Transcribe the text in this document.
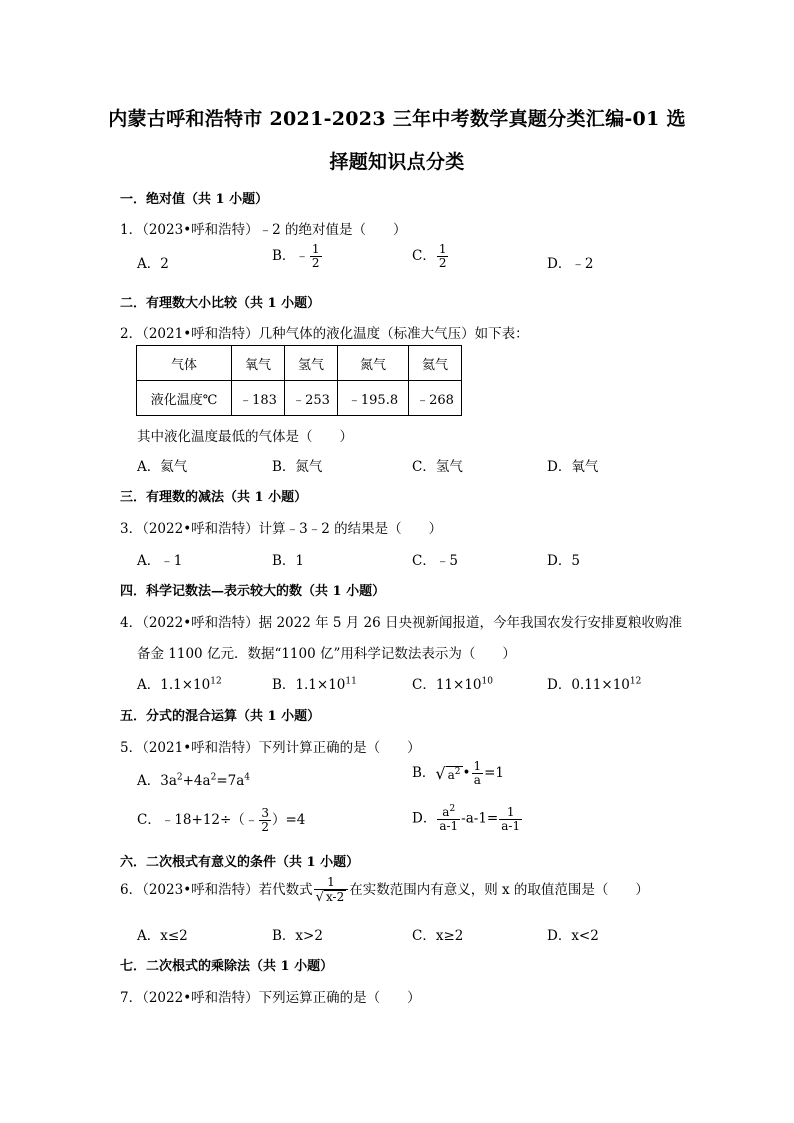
内蒙古呼和浩特市 2021-2023 三年中考数学真题分类汇编-01 选
择题知识点分类
一．绝对值（共 1 小题）
1．（2023•呼和浩特）﹣2 的绝对值是（　　）
A．2	B．﹣ $\frac{1}{2}$	C． $\frac{1}{2}$	D．﹣2
二．有理数大小比较（共 1 小题）
2．（2021•呼和浩特）几种气体的液化温度（标准大气压）如下表：
气体	氧气	氢气	氮气	氦气
液化温度℃	﹣183	﹣253	﹣195.8	﹣268
其中液化温度最低的气体是（　　）
A．氦气	B．氮气	C．氢气	D．氧气
三．有理数的减法（共 1 小题）
3．（2022•呼和浩特）计算﹣3﹣2 的结果是（　　）
A．﹣1	B．1	C．﹣5	D．5
四．科学记数法—表示较大的数（共 1 小题）
4．（2022•呼和浩特）据 2022 年 5 月 26 日央视新闻报道，今年我国农发行安排夏粮收购准
备金 1100 亿元．数据“1100 亿”用科学记数法表示为（　　）
A．$1.1\times 10^{12}$	B．$1.1\times 10^{11}$	C．$11\times 10^{10}$	D．$0.11\times 10^{12}$
五．分式的混合运算（共 1 小题）
5．（2021•呼和浩特）下列计算正确的是（　　）
A．$3a^2+4a^2=7a^4$	B．√ $a^2$ • $\frac{1}{a} =1$
C．﹣18+12÷（﹣ $\frac{3}{2} )=4$	D． $\frac{a^2}{a-1} -a-1= \frac{1}{a-1}$
六．二次根式有意义的条件（共 1 小题）
6．（2023•呼和浩特）若代数式 $\frac{1}{√ x-2}$ 在实数范围内有意义，则 x 的取值范围是（　　）
A．x≤2	B．x>2	C．x≥2	D．x<2
七．二次根式的乘除法（共 1 小题）
7．（2022•呼和浩特）下列运算正确的是（　　）
